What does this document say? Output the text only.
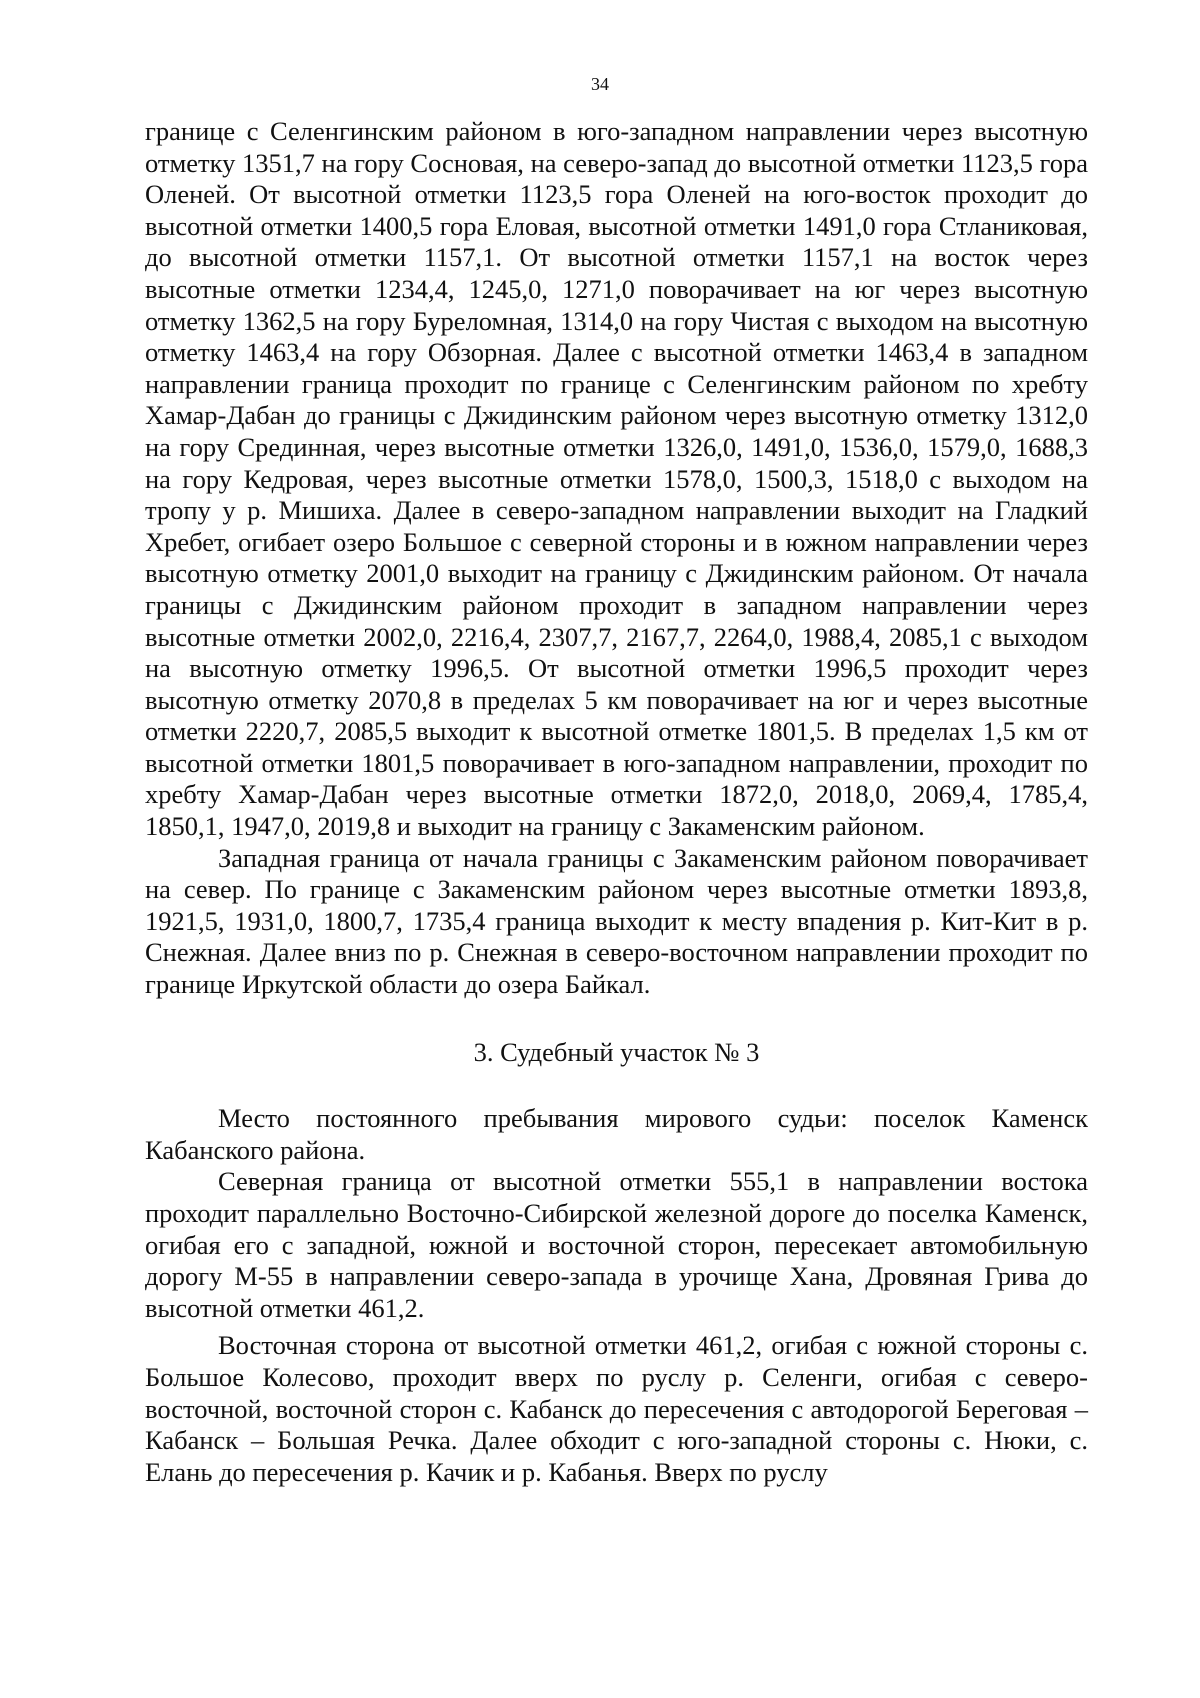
34

границе с Селенгинским районом в юго-западном направлении через высотную отметку 1351,7 на гору Сосновая, на северо-запад до высотной отметки 1123,5 гора Оленей. От высотной отметки 1123,5 гора Оленей на юго-восток проходит до высотной отметки 1400,5 гора Еловая, высотной отметки 1491,0 гора Стланиковая, до высотной отметки 1157,1. От высотной отметки 1157,1 на восток через высотные отметки 1234,4, 1245,0, 1271,0 поворачивает на юг через высотную отметку 1362,5 на гору Буреломная, 1314,0 на гору Чистая с выходом на высотную отметку 1463,4 на гору Обзорная. Далее с высотной отметки 1463,4 в западном направлении граница проходит по границе с Селенгинским районом по хребту Хамар-Дабан до границы с Джидинским районом через высотную отметку 1312,0 на гору Срединная, через высотные отметки 1326,0, 1491,0, 1536,0, 1579,0, 1688,3 на гору Кедровая, через высотные отметки 1578,0, 1500,3, 1518,0 с выходом на тропу у р. Мишиха. Далее в северо-западном направлении выходит на Гладкий Хребет, огибает озеро Большое с северной стороны и в южном направлении через высотную отметку 2001,0 выходит на границу с Джидинским районом. От начала границы с Джидинским районом проходит в западном направлении через высотные отметки 2002,0, 2216,4, 2307,7, 2167,7, 2264,0, 1988,4, 2085,1 с выходом на высотную отметку 1996,5. От высотной отметки 1996,5 проходит через высотную отметку 2070,8 в пределах 5 км поворачивает на юг и через высотные отметки 2220,7, 2085,5 выходит к высотной отметке 1801,5. В пределах 1,5 км от высотной отметки 1801,5 поворачивает в юго-западном направлении, проходит по хребту Хамар-Дабан через высотные отметки 1872,0, 2018,0, 2069,4, 1785,4, 1850,1, 1947,0, 2019,8 и выходит на границу с Закаменским районом.

Западная граница от начала границы с Закаменским районом поворачивает на север. По границе с Закаменским районом через высотные отметки 1893,8, 1921,5, 1931,0, 1800,7, 1735,4 граница выходит к месту впадения р. Кит-Кит в р. Снежная. Далее вниз по р. Снежная в северо-восточном направлении проходит по границе Иркутской области до озера Байкал.

3. Судебный участок № 3

Место постоянного пребывания мирового судьи: поселок Каменск Кабанского района.

Северная граница от высотной отметки 555,1 в направлении востока проходит параллельно Восточно-Сибирской железной дороге до поселка Каменск, огибая его с западной, южной и восточной сторон, пересекает автомобильную дорогу М-55 в направлении северо-запада в урочище Хана, Дровяная Грива до высотной отметки 461,2.

Восточная сторона от высотной отметки 461,2, огибая с южной стороны с. Большое Колесово, проходит вверх по руслу р. Селенги, огибая с северо-восточной, восточной сторон с. Кабанск до пересечения с автодорогой Береговая – Кабанск – Большая Речка. Далее обходит с юго-западной стороны с. Нюки, с. Елань до пересечения р. Качик и р. Кабанья. Вверх по руслу
